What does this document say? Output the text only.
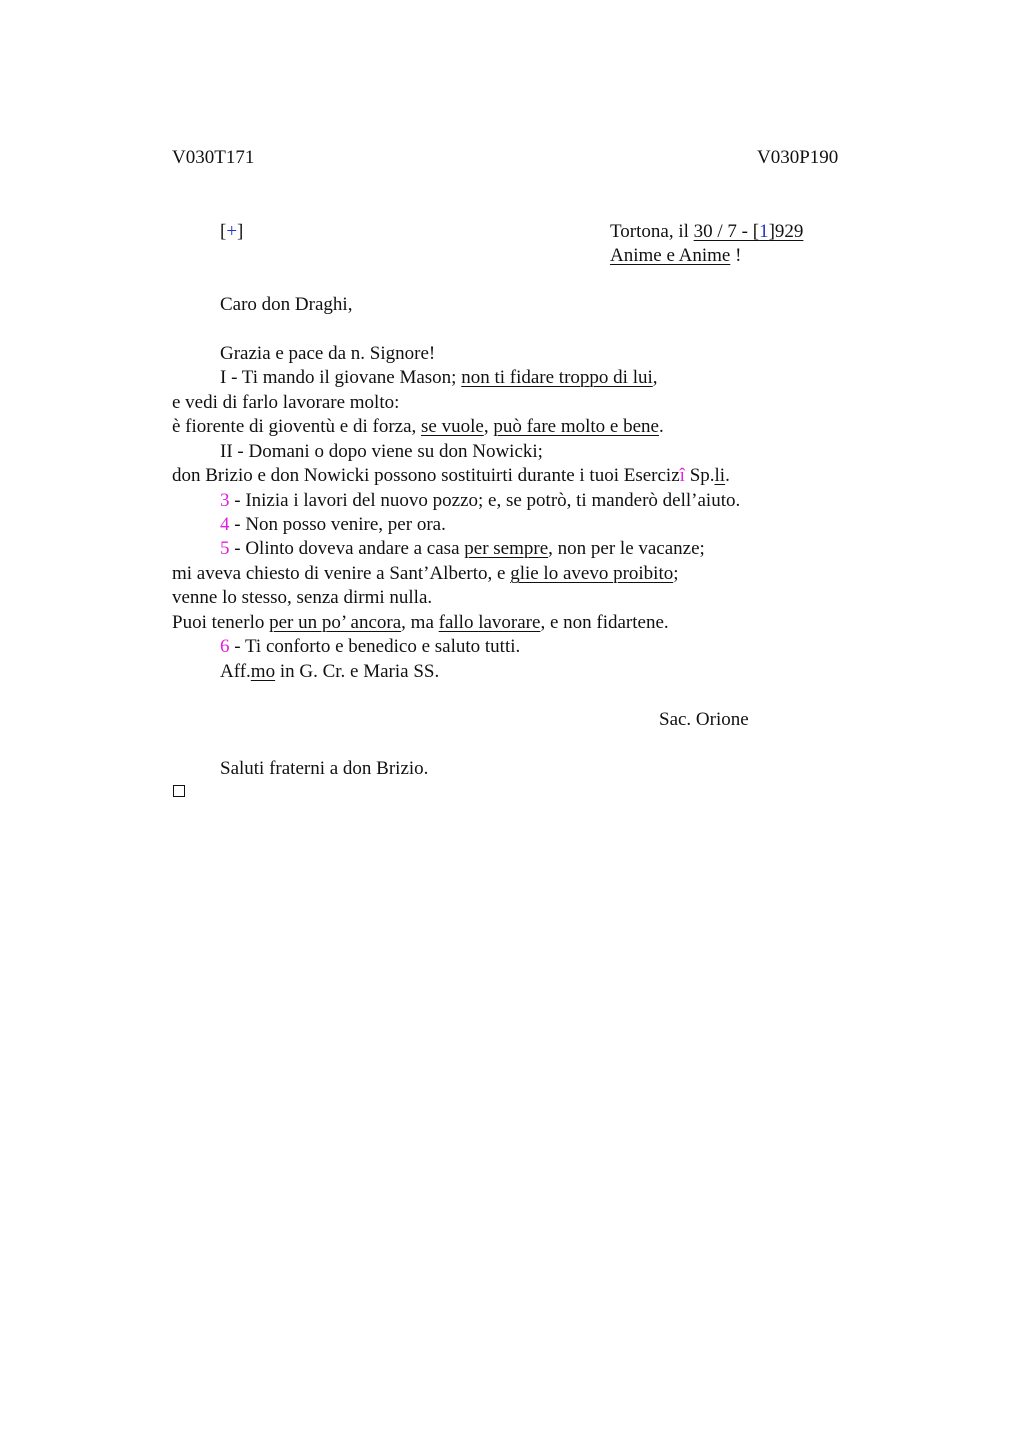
V030T171	V030P190
[+]	Tortona, il 30 / 7 - [1]929
Anime e Anime !
Caro don Draghi,
Grazia e pace da n. Signore!
I - Ti mando il giovane Mason; non ti fidare troppo di lui,
e vedi di farlo lavorare molto:
è fiorente di gioventù e di forza, se vuole, può fare molto e bene.
II - Domani o dopo viene su don Nowicki;
don Brizio e don Nowicki possono sostituirti durante i tuoi Esercizî Sp.li.
3 - Inizia i lavori del nuovo pozzo; e, se potrò, ti manderò dell’aiuto.
4 - Non posso venire, per ora.
5 - Olinto doveva andare a casa per sempre, non per le vacanze;
mi aveva chiesto di venire a Sant’Alberto, e glie lo avevo proibito;
venne lo stesso, senza dirmi nulla.
Puoi tenerlo per un po’ ancora, ma fallo lavorare, e non fidartene.
6 - Ti conforto e benedico e saluto tutti.
Aff.mo in G. Cr. e Maria SS.
Sac. Orione
Saluti fraterni a don Brizio.
